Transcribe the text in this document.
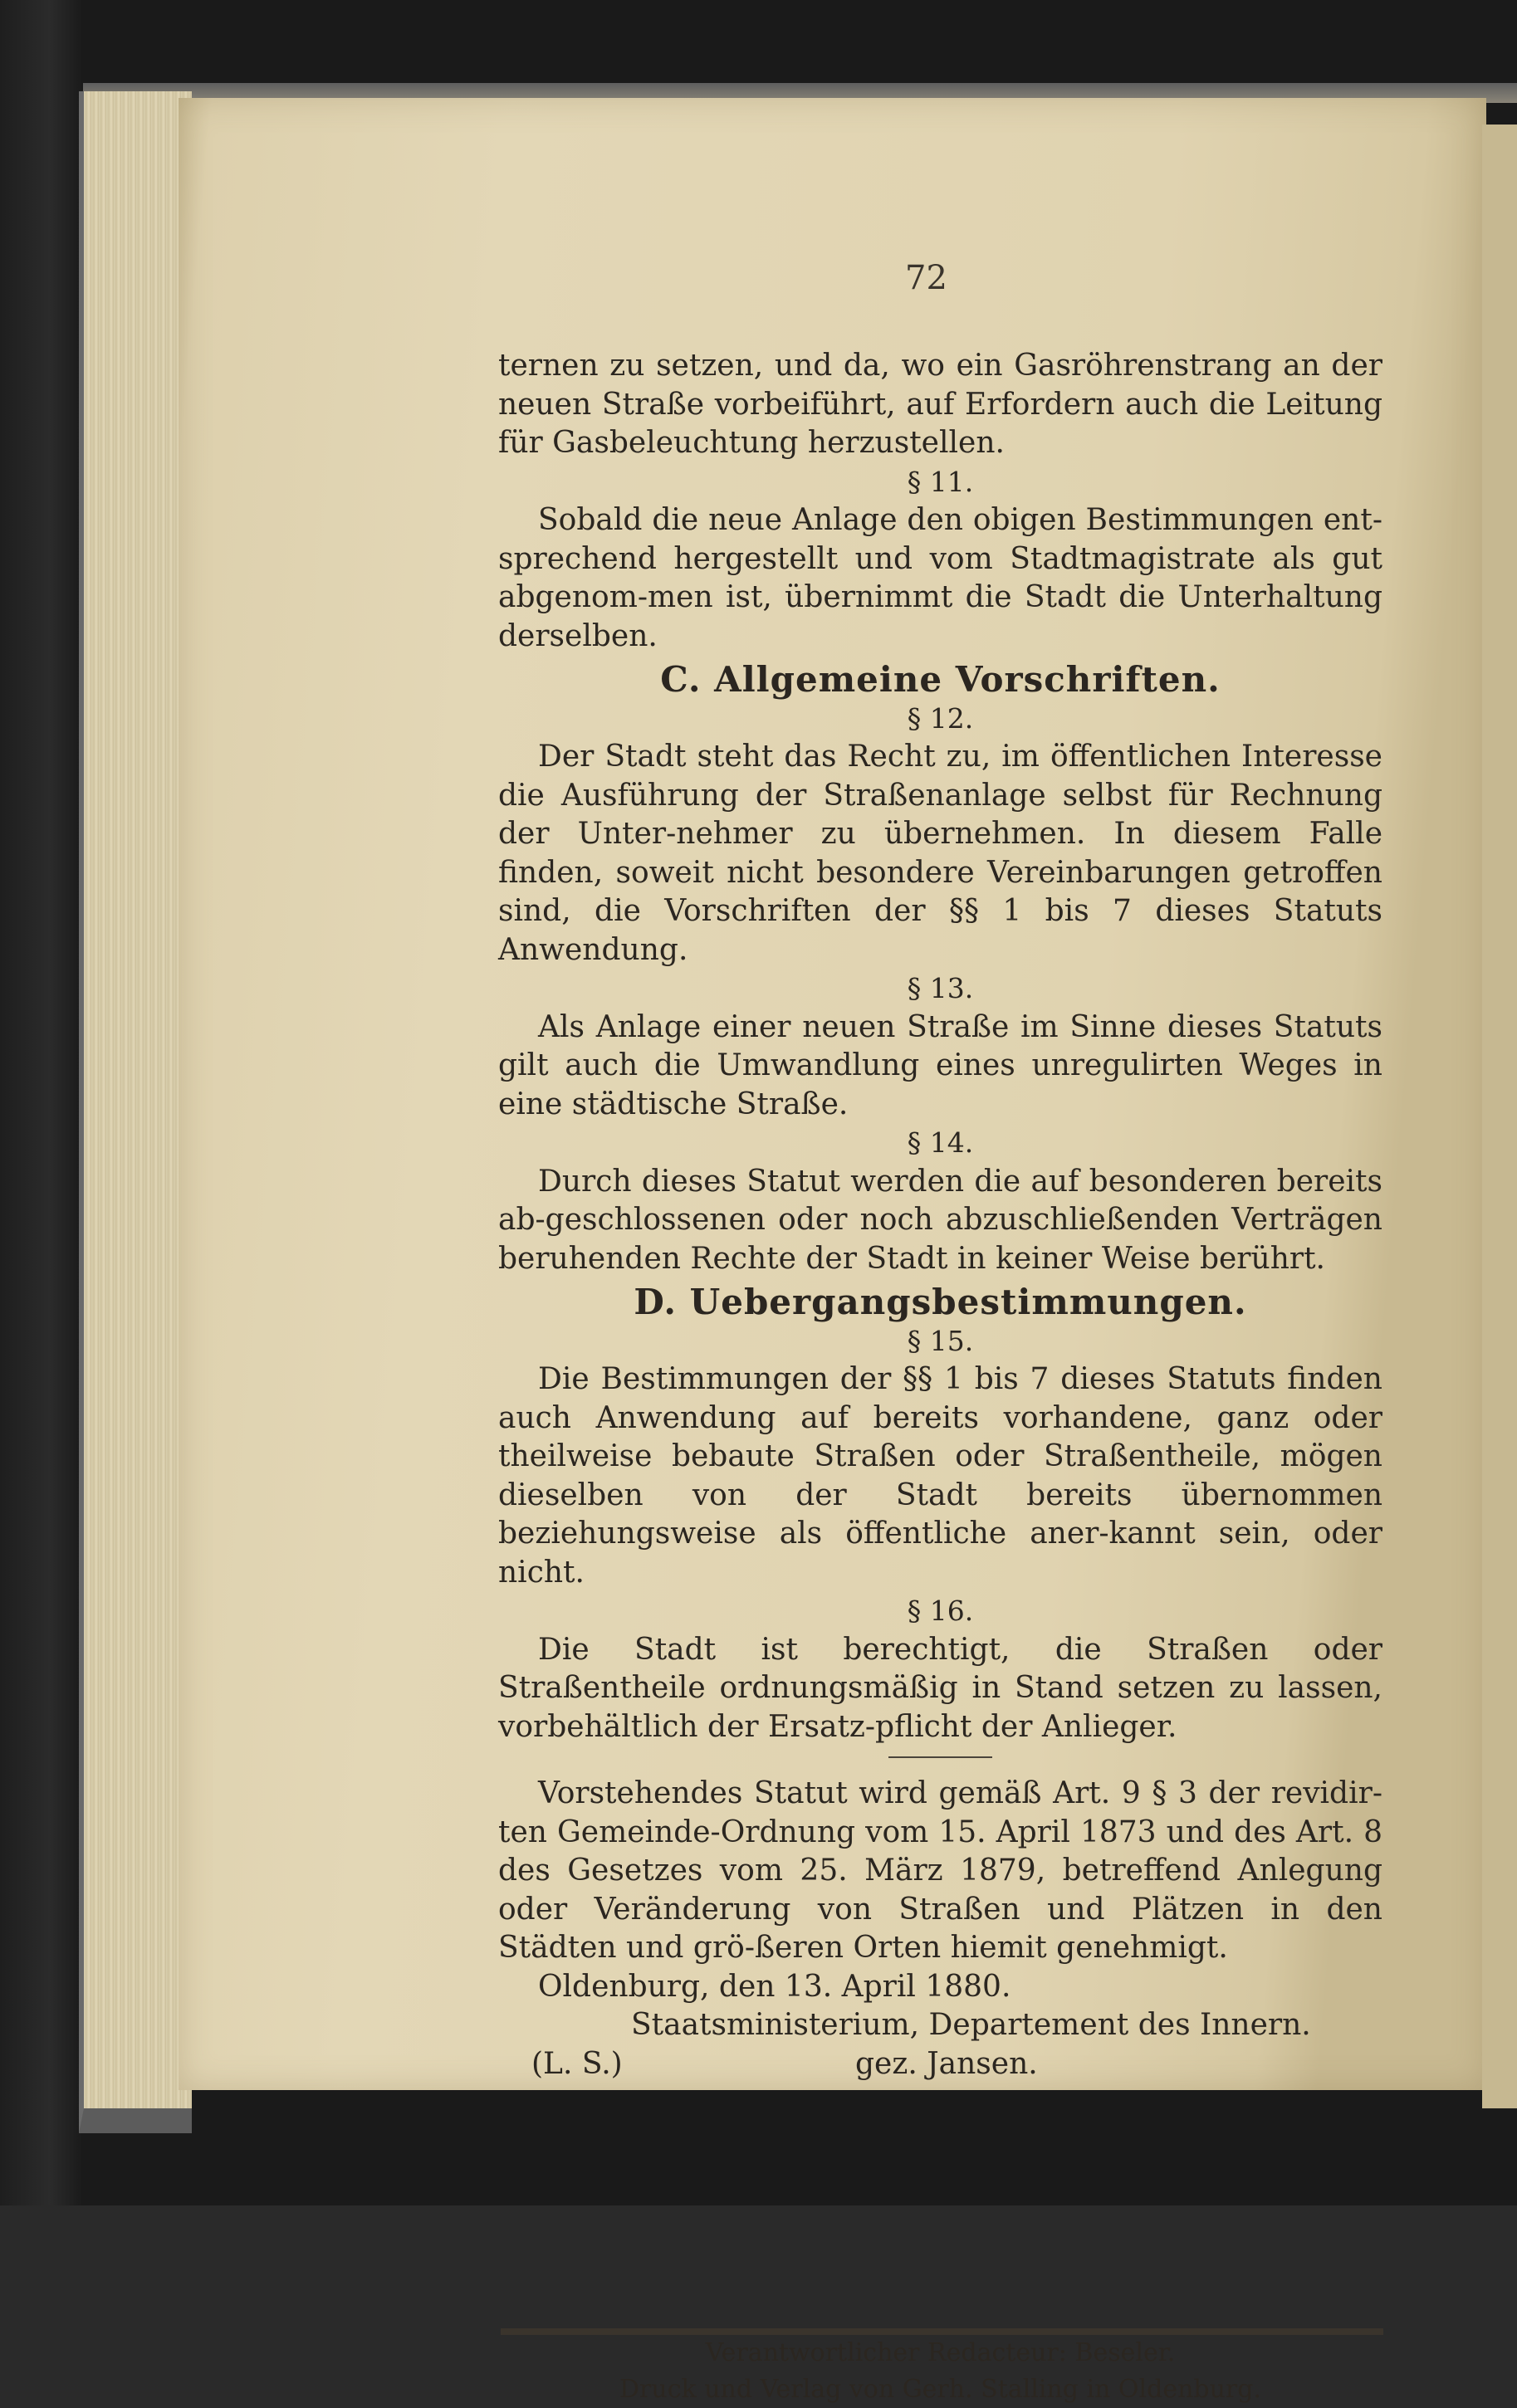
72

ternen zu setzen, und da, wo ein Gasröhrenstrang an der neuen Straße vorbeiführt, auf Erfordern auch die Leitung für Gasbeleuchtung herzustellen.

§ 11.

Sobald die neue Anlage den obigen Bestimmungen ent-sprechend hergestellt und vom Stadtmagistrate als gut abgenom-men ist, übernimmt die Stadt die Unterhaltung derselben.

C. Allgemeine Vorschriften.

§ 12.

Der Stadt steht das Recht zu, im öffentlichen Interesse die Ausführung der Straßenanlage selbst für Rechnung der Unter-nehmer zu übernehmen. In diesem Falle finden, soweit nicht besondere Vereinbarungen getroffen sind, die Vorschriften der §§ 1 bis 7 dieses Statuts Anwendung.

§ 13.

Als Anlage einer neuen Straße im Sinne dieses Statuts gilt auch die Umwandlung eines unregulirten Weges in eine städtische Straße.

§ 14.

Durch dieses Statut werden die auf besonderen bereits ab-geschlossenen oder noch abzuschließenden Verträgen beruhenden Rechte der Stadt in keiner Weise berührt.

D. Uebergangsbestimmungen.

§ 15.

Die Bestimmungen der §§ 1 bis 7 dieses Statuts finden auch Anwendung auf bereits vorhandene, ganz oder theilweise bebaute Straßen oder Straßentheile, mögen dieselben von der Stadt bereits übernommen beziehungsweise als öffentliche aner-kannt sein, oder nicht.

§ 16.

Die Stadt ist berechtigt, die Straßen oder Straßentheile ordnungsmäßig in Stand setzen zu lassen, vorbehältlich der Ersatz-pflicht der Anlieger.

Vorstehendes Statut wird gemäß Art. 9 § 3 der revidir-ten Gemeinde-Ordnung vom 15. April 1873 und des Art. 8 des Gesetzes vom 25. März 1879, betreffend Anlegung oder Veränderung von Straßen und Plätzen in den Städten und grö-ßeren Orten hiemit genehmigt.

Oldenburg, den 13. April 1880.

Staatsministerium, Departement des Innern.

(L. S.)	gez. Jansen.
Verantwortlicher Redacteur: Beseler.
Druck und Verlag von Gerh. Stalling in Oldenburg.
